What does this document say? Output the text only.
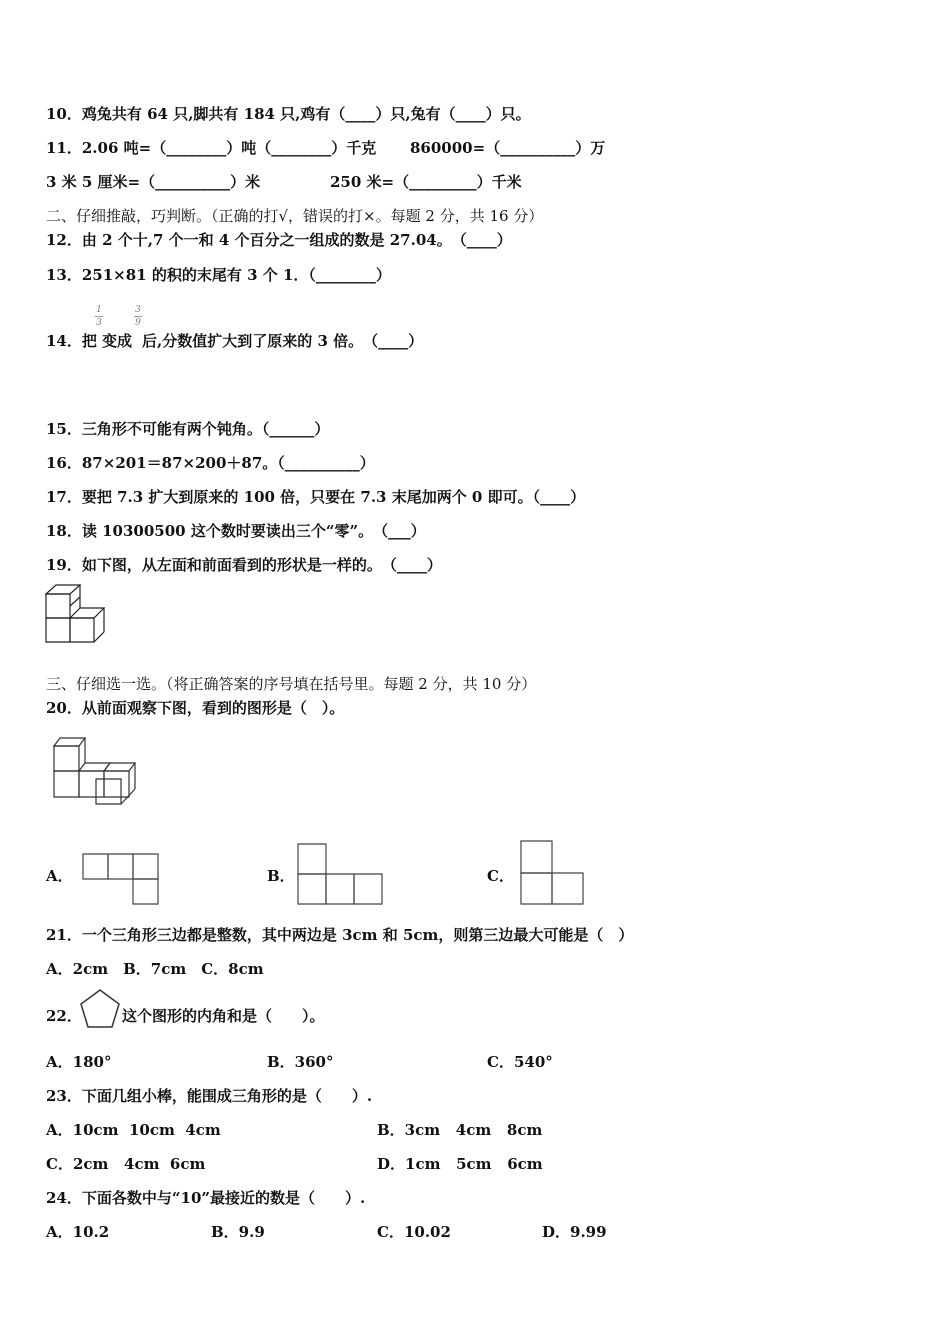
10．鸡兔共有 64 只,脚共有 184 只,鸡有（____）只,兔有（____）只。
11．2.06 吨=（________）吨（________）千克 860000=（__________）万
3 米 5 厘米=（__________）米	250 米=（_________）千米
二、仔细推敲，巧判断。（正确的打√，错误的打×。每题 2 分，共 16 分）
12．由 2 个十,7 个一和 4 个百分之一组成的数是 27.04。　（____）
13．251×81 的积的末尾有 3 个 1．（________）
14．把
1
3
变成
3
9
后,分数值扩大到了原来的 3 倍。　（____）
15．三角形不可能有两个钝角。（______）
16．87×201＝87×200＋87。（__________）
17．要把 7.3 扩大到原来的 100 倍，只要在 7.3 末尾加两个 0 即可。（____）
18．读 10300500 这个数时要读出三个“零”。　（___）
19．如下图，从左面和前面看到的形状是一样的。　（____）
三、仔细选一选。（将正确答案的序号填在括号里。每题 2 分，共 10 分）
20．从前面观察下图，看到的图形是（　）。
A．	B．	C．
21．一个三角形三边都是整数，其中两边是 3cm 和 5cm，则第三边最大可能是（　）
A．2cm　B．7cm　C．8cm
22．	这个图形的内角和是（　　）。
A．180°	B．360°	C．540°
23．下面几组小棒，能围成三角形的是（　　）.
A．10cm  10cm  4cm	B．3cm   4cm   8cm
C．2cm   4cm  6cm	D．1cm   5cm   6cm
24．下面各数中与“10”最接近的数是（　　）.
A．10.2	B．9.9	C．10.02	D．9.99
